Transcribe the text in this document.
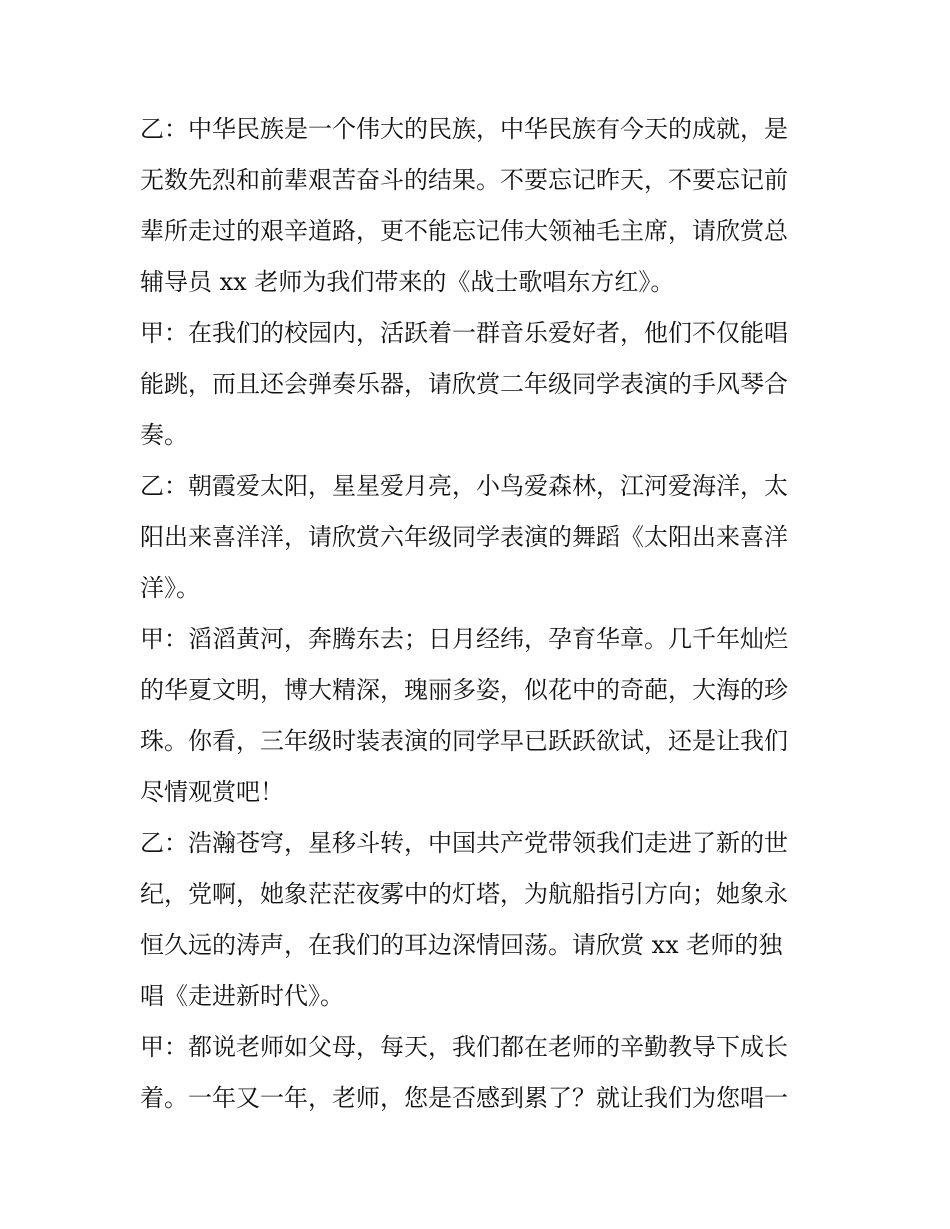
乙：中华民族是一个伟大的民族，中华民族有今天的成就，是
无数先烈和前辈艰苦奋斗的结果。不要忘记昨天，不要忘记前
辈所走过的艰辛道路，更不能忘记伟大领袖毛主席，请欣赏总
辅导员 xx 老师为我们带来的《战士歌唱东方红》。
甲：在我们的校园内，活跃着一群音乐爱好者，他们不仅能唱
能跳，而且还会弹奏乐器，请欣赏二年级同学表演的手风琴合
奏。
乙：朝霞爱太阳，星星爱月亮，小鸟爱森林，江河爱海洋，太
阳出来喜洋洋，请欣赏六年级同学表演的舞蹈《太阳出来喜洋
洋》。
甲：滔滔黄河，奔腾东去；日月经纬，孕育华章。几千年灿烂
的华夏文明，博大精深，瑰丽多姿，似花中的奇葩，大海的珍
珠。你看，三年级时装表演的同学早已跃跃欲试，还是让我们
尽情观赏吧！
乙：浩瀚苍穹，星移斗转，中国共产党带领我们走进了新的世
纪，党啊，她象茫茫夜雾中的灯塔，为航船指引方向；她象永
恒久远的涛声，在我们的耳边深情回荡。请欣赏 xx 老师的独
唱《走进新时代》。
甲：都说老师如父母，每天，我们都在老师的辛勤教导下成长
着。一年又一年，老师，您是否感到累了？就让我们为您唱一
